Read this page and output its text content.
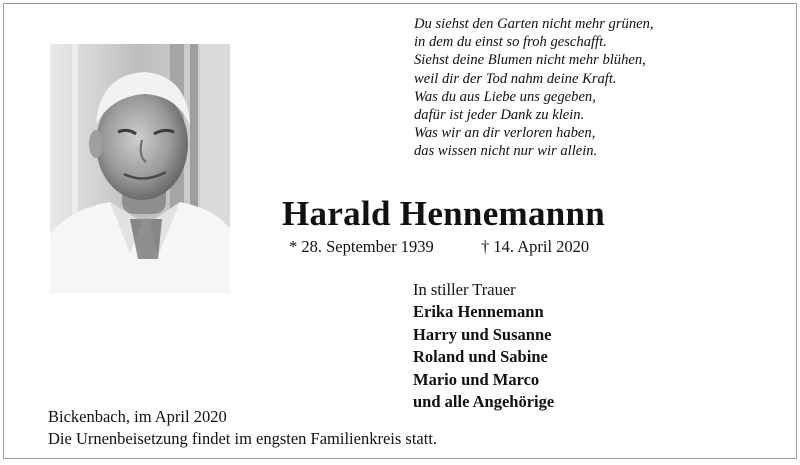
Du siehst den Garten nicht mehr grünen,
in dem du einst so froh geschafft.
Siehst deine Blumen nicht mehr blühen,
weil dir der Tod nahm deine Kraft.
Was du aus Liebe uns gegeben,
dafür ist jeder Dank zu klein.
Was wir an dir verloren haben,
das wissen nicht nur wir allein.
Harald Hennemannn
* 28. September 1939	† 14. April 2020
In stiller Trauer
Erika Hennemann
Harry und Susanne
Roland und Sabine
Mario und Marco
und alle Angehörige
Bickenbach, im April 2020
Die Urnenbeisetzung findet im engsten Familienkreis statt.
